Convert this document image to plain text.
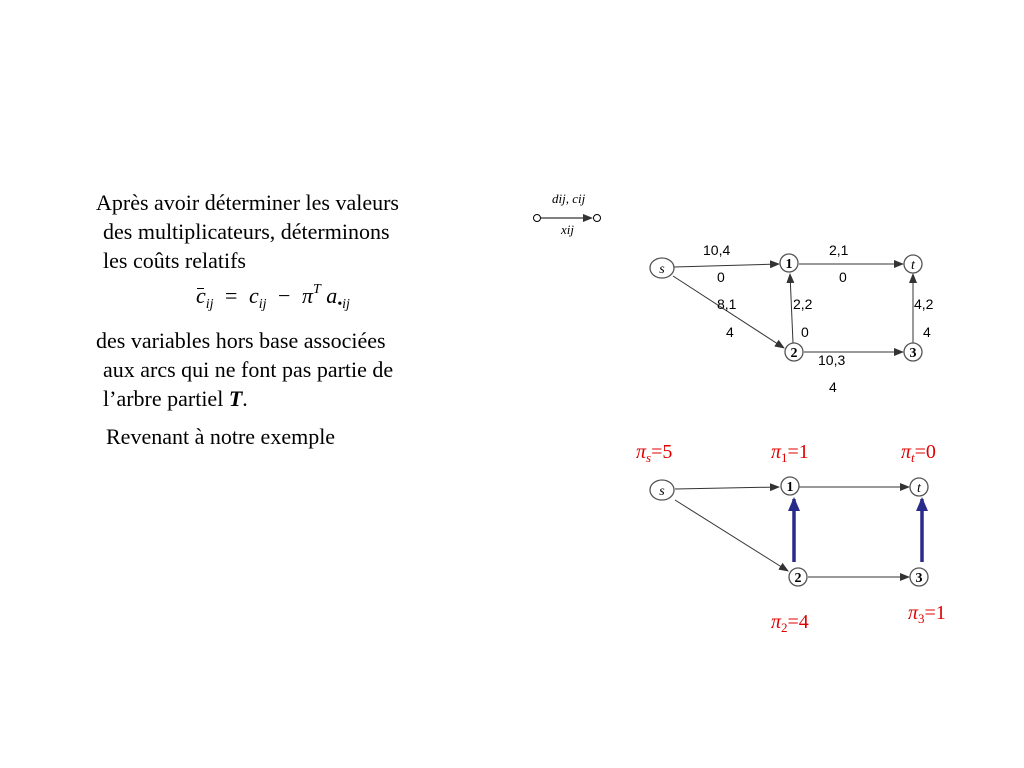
Après avoir déterminer les valeurs
des multiplicateurs, déterminons
les coûts relatifs

$c_{ij} = c_{ij} - \pi^T$ $a_{•ij}$
des variables hors base associées
aux arcs qui ne font pas partie de
l’arbre partiel T.
Revenant à notre exemple
dij, cij
xij
10,4
0
2,1
0
8,1
4
2,2
0
4,2
4
10,3
4
s	1	t
2	3
s	1	t
2	3
$\pi_s=5$	$\pi_1=1$	$\pi_t=0$
$\pi_2=4$	$\pi_3=1$
